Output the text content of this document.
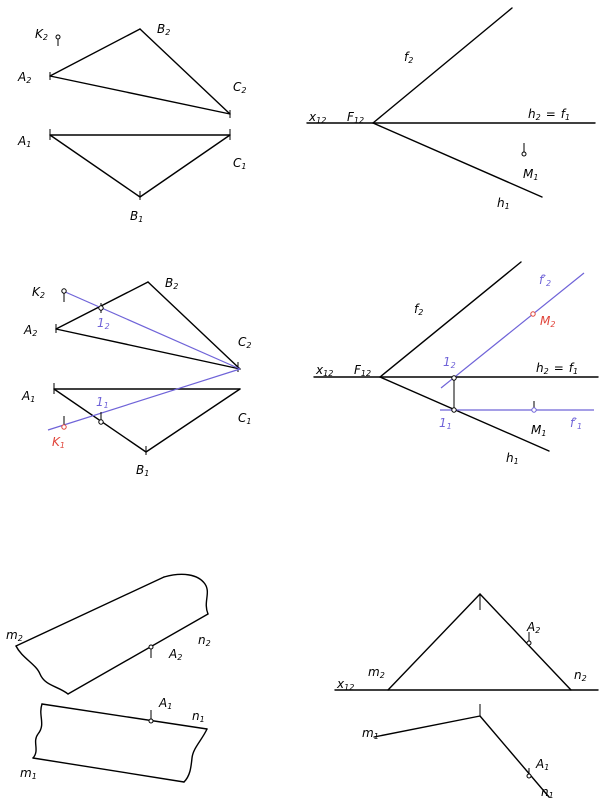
K2
B2
A2	C2
A1
C1
B1
f2
x12 F12	h2 = f1
M1
h1
K2
B2
A2
12
C2
A1	11
K1
C1
B1
f′2
f2
M2
x12 F12
12	h2 = f1
11	M1
f′1
h1
m2	n2
A2
A1
n1
m1
A2
x12
m2	n2
m1
A1
n1
